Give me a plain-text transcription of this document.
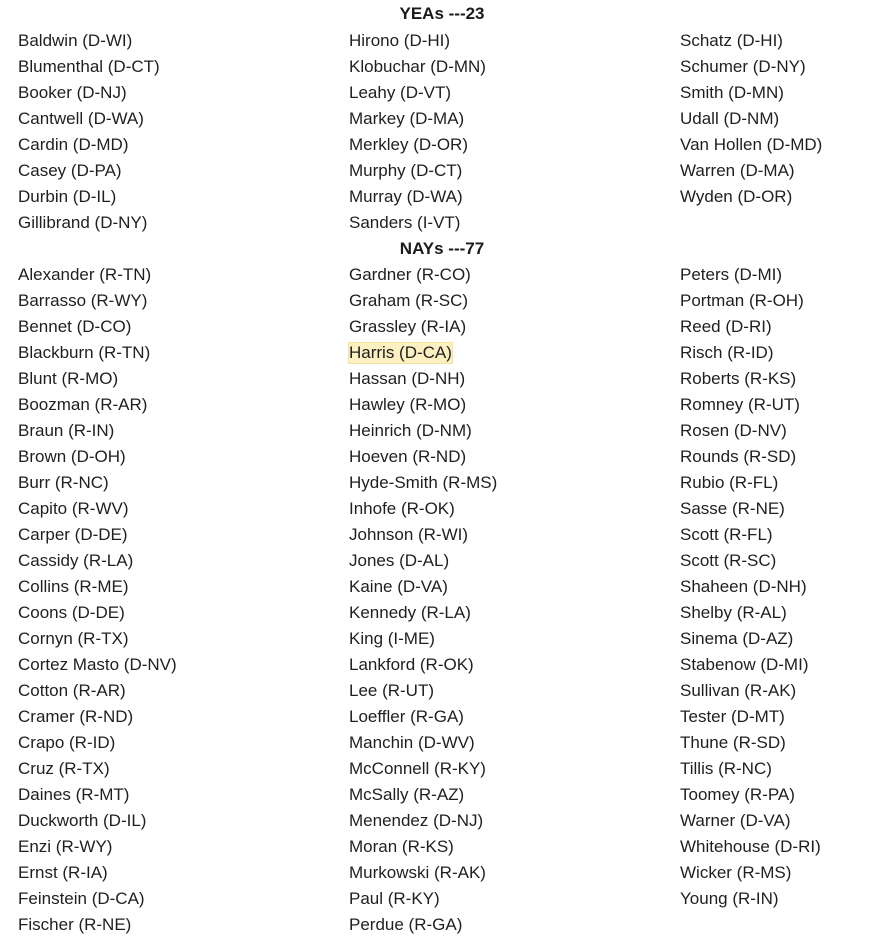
YEAs ---23
Baldwin (D-WI)
Blumenthal (D-CT)
Booker (D-NJ)
Cantwell (D-WA)
Cardin (D-MD)
Casey (D-PA)
Durbin (D-IL)
Gillibrand (D-NY)
Hirono (D-HI)
Klobuchar (D-MN)
Leahy (D-VT)
Markey (D-MA)
Merkley (D-OR)
Murphy (D-CT)
Murray (D-WA)
Sanders (I-VT)
Schatz (D-HI)
Schumer (D-NY)
Smith (D-MN)
Udall (D-NM)
Van Hollen (D-MD)
Warren (D-MA)
Wyden (D-OR)
NAYs ---77
Alexander (R-TN)
Barrasso (R-WY)
Bennet (D-CO)
Blackburn (R-TN)
Blunt (R-MO)
Boozman (R-AR)
Braun (R-IN)
Brown (D-OH)
Burr (R-NC)
Capito (R-WV)
Carper (D-DE)
Cassidy (R-LA)
Collins (R-ME)
Coons (D-DE)
Cornyn (R-TX)
Cortez Masto (D-NV)
Cotton (R-AR)
Cramer (R-ND)
Crapo (R-ID)
Cruz (R-TX)
Daines (R-MT)
Duckworth (D-IL)
Enzi (R-WY)
Ernst (R-IA)
Feinstein (D-CA)
Fischer (R-NE)
Gardner (R-CO)
Graham (R-SC)
Grassley (R-IA)
Harris (D-CA)
Hassan (D-NH)
Hawley (R-MO)
Heinrich (D-NM)
Hoeven (R-ND)
Hyde-Smith (R-MS)
Inhofe (R-OK)
Johnson (R-WI)
Jones (D-AL)
Kaine (D-VA)
Kennedy (R-LA)
King (I-ME)
Lankford (R-OK)
Lee (R-UT)
Loeffler (R-GA)
Manchin (D-WV)
McConnell (R-KY)
McSally (R-AZ)
Menendez (D-NJ)
Moran (R-KS)
Murkowski (R-AK)
Paul (R-KY)
Perdue (R-GA)
Peters (D-MI)
Portman (R-OH)
Reed (D-RI)
Risch (R-ID)
Roberts (R-KS)
Romney (R-UT)
Rosen (D-NV)
Rounds (R-SD)
Rubio (R-FL)
Sasse (R-NE)
Scott (R-FL)
Scott (R-SC)
Shaheen (D-NH)
Shelby (R-AL)
Sinema (D-AZ)
Stabenow (D-MI)
Sullivan (R-AK)
Tester (D-MT)
Thune (R-SD)
Tillis (R-NC)
Toomey (R-PA)
Warner (D-VA)
Whitehouse (D-RI)
Wicker (R-MS)
Young (R-IN)
